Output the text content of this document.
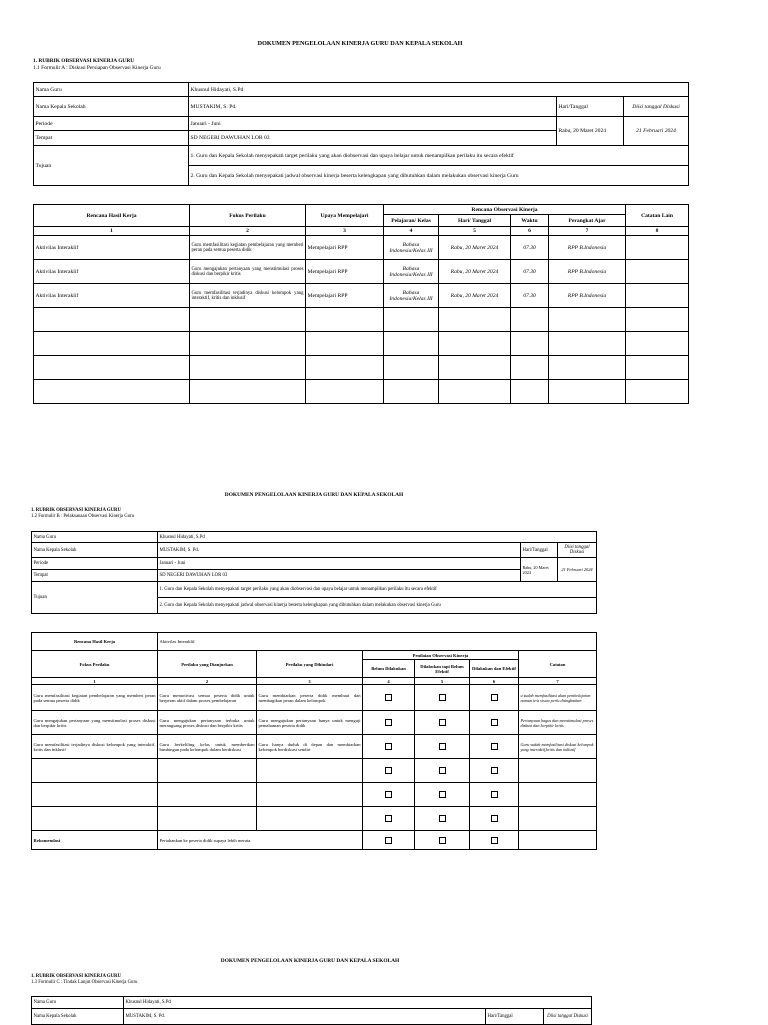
DOKUMEN PENGELOLAAN KINERJA GURU DAN KEPALA SEKOLAH
1. RUBRIK OBSERVASI KINERJA GURU
1.1 Formulir A : Diskusi Persiapan Observasi Kinerja Guru
Nama Guru	Khusnul Hidayati, S.Pd		
Nama Kepala Sekolah	MUSTAKIM, S. Pd.	Hari/Tanggal	Diisi tanggal Diskusi
Periode	Januari - Juni	Rabu, 20 Maret 2024	21 Februari 2024
Tempat	SD NEGERI DAWUHAN LOR 03		
Tujuan	1. Guru dan Kepala Sekolah menyepakati target perilaku yang akan diobservasi dan upaya belajar untuk menampilkan perilaku itu secara efektif		
	2. Guru dan Kepala Sekolah menyepakati jadwal observasi kinerja beserta kelengkapan yang dibutuhkan dalam melakukan observasi kinerja Guru		
Rencana Hasil Kerja	Fokus Perilaku	Upaya Mempelajari	Rencana Observasi Kinerja				Catatan Lain
			Pelajaran/ Kelas	Hari/ Tanggal	Waktu	Perangkat Ajar	
1	2	3	4	5	6	7	8
Aktivilas Interaklif	Guru memfasilitasi kegiatan pembelajaran yang memberi peran pada semua peserta didik	Mempelajari RPP	Bahasa Indonesia/Kelas III	Rabu, 20 Maret 2024	07.30	RPP B.Indonesia	
Aktivilas Interaklif	Guru mengajukan pertanyaan yang menstimulasi proses diskusi dan berpikir kritis	Mempelajari RPP	Bahasa Indonesia/Kelas III	Rabu, 20 Maret 2024	07.30	RPP B.Indonesia	
Aktivilas Interaklif	Guru memfasilitasi terjadinya diskusi kelompok yang interaktif, kritis dan inklusif	Mempelajari RPP	Bahasa Indonesia/Kelas III	Rabu, 20 Maret 2024	07.30	RPP B.Indonesia	

DOKUMEN PENGELOLAAN KINERJA GURU DAN KEPALA SEKOLAH
1. RUBRIK OBSERVASI KINERJA GURU
1.2 Formulir B : Pelaksanaan Observasi Kinerja Guru
Nama Guru	Khusnul Hidayati, S.Pd		
Nama Kepala Sekolah	MUSTAKIM, S. Pd.	Hari/Tanggal	Diisi tanggal Diskusi
Periode	Januari - Juni	Rabu, 20 Maret 2024	21 Februari 2024
Tempat	SD NEGERI DAWUHAN LOR 03		
Tujuan	1. Guru dan Kepala Sekolah menyepakati target perilaku yang akan diobservasi dan upaya belajar untuk menampilkan perilaku itu secara efektif		
	2. Guru dan Kepala Sekolah menyepakati jadwal observasi kinerja beserta kelengkapan yang dibutuhkan dalam melakukan observasi kinerja Guru		
Rencana Hasil Kerja	Aktivilas Interaklif					
Fokus Perilaku	Perilaku yang Dianjurkan	Perilaku yang Dihindari	Penilaian Observasi Kinerja			Catatan
			Belum Dilakukan	Dilakukan tapi Belum Efektif	Dilakukan dan Efektif	
1	2	3	4	5	6	7
Guru memfasilitasi kegiatan pembelajaran yang memberi peran pada semua peserta didik	Guru memotivasi semua peserta didik untuk berperan aktif dalam proses pembelajaran	Guru membiarkan peserta didik membuat dan membagikan peran dalam kelompok				u sudah memfasilitasi akan pembelajaran namun ie/a siswa perlu ditingkatkan
Guru mengajukan pertanyaan yang menstimulasi proses diskusi dan berpikir kritis	Guru mengajukan pertanyaan terbuka untuk merangsang proses diskusi dan berpikir kritis	Guru mengajukan pertanyaan hanya untuk menguji pemahaman peserta didik				Pertanyaan bagus dan menstimulasi proses diskusi dan berpikir kritis
Guru memfasilitasi terjadinya diskusi kelompok yang interaktif, kritis dan inklusif	Guru berkeliling kelas untuk memberikan bimbingan pada kelompok dalam berdiskusi	Guru hanya duduk di depan dan membiarkan kelompok berdiskusi sendiri				Guru sudah memfasilitasi diskusi kelompok yang interaktif,kritis dan inklusif

Rekomendasi	Pertahankan ke peserta didik supaya lebih merata.					
DOKUMEN PENGELOLAAN KINERJA GURU DAN KEPALA SEKOLAH
1. RUBRIK OBSERVASI KINERJA GURU
1.3 Formulir C : Tindak Lanjut Observasi Kinerja Guru
Nama Guru	Khusnul Hidayati, S.Pd		
Nama Kepala Sekolah	MUSTAKIM, S. Pd.	Hari/Tanggal	Diisi tanggal Diskusi
